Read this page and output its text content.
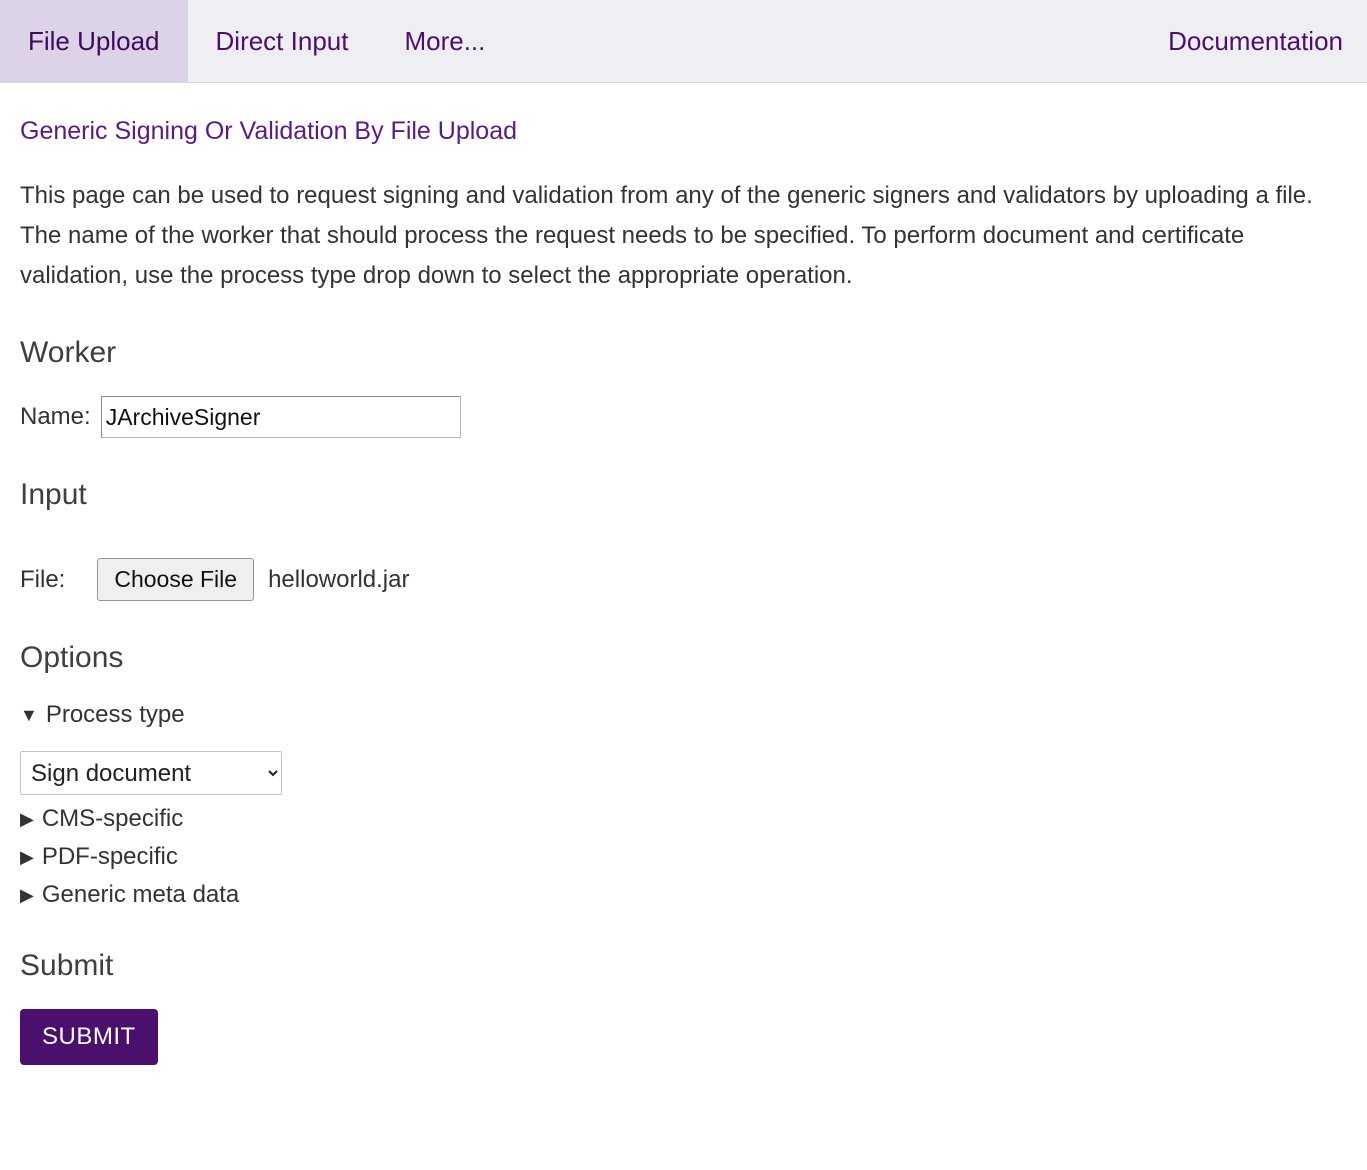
File Upload Direct Input More...	Documentation
Generic Signing Or Validation By File Upload

This page can be used to request signing and validation from any of the generic signers and validators by uploading a file. The name of the worker that should process the request needs to be specified. To perform document and certificate validation, use the process type drop down to select the appropriate operation.

Worker
Name:
JArchiveSigner
Input
File:	Choose File	helloworld.jar
Options
▼ Process type
Sign document
▶ CMS-specific
▶ PDF-specific
▶ Generic meta data
Submit
SUBMIT
